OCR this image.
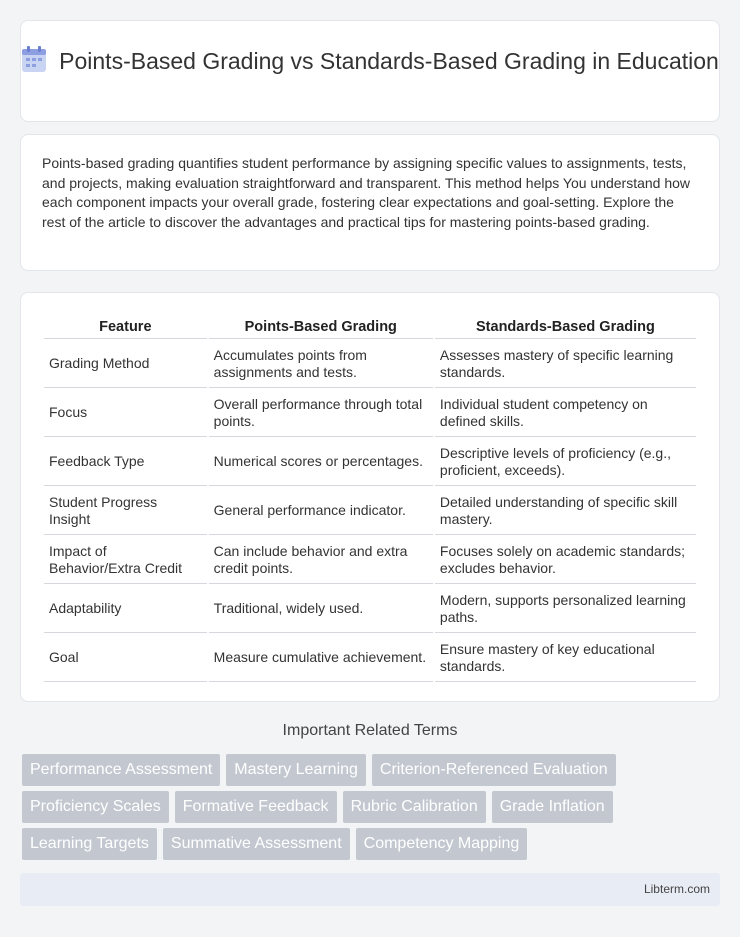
Points-Based Grading vs Standards-Based Grading in Education
Points-based grading quantifies student performance by assigning specific values to assignments, tests, and projects, making evaluation straightforward and transparent. This method helps You understand how each component impacts your overall grade, fostering clear expectations and goal-setting. Explore the rest of the article to discover the advantages and practical tips for mastering points-based grading.
Feature	Points-Based Grading	Standards-Based Grading
Grading Method	Accumulates points from assignments and tests.	Assesses mastery of specific learning standards.
Focus	Overall performance through total points.	Individual student competency on defined skills.
Feedback Type	Numerical scores or percentages.	Descriptive levels of proficiency (e.g., proficient, exceeds).
Student Progress Insight	General performance indicator.	Detailed understanding of specific skill mastery.
Impact of Behavior/Extra Credit	Can include behavior and extra credit points.	Focuses solely on academic standards; excludes behavior.
Adaptability	Traditional, widely used.	Modern, supports personalized learning paths.
Goal	Measure cumulative achievement.	Ensure mastery of key educational standards.
Important Related Terms
Performance Assessment	Mastery Learning	Criterion-Referenced Evaluation
Proficiency Scales	Formative Feedback	Rubric Calibration	Grade Inflation
Learning Targets	Summative Assessment	Competency Mapping
Libterm.com
